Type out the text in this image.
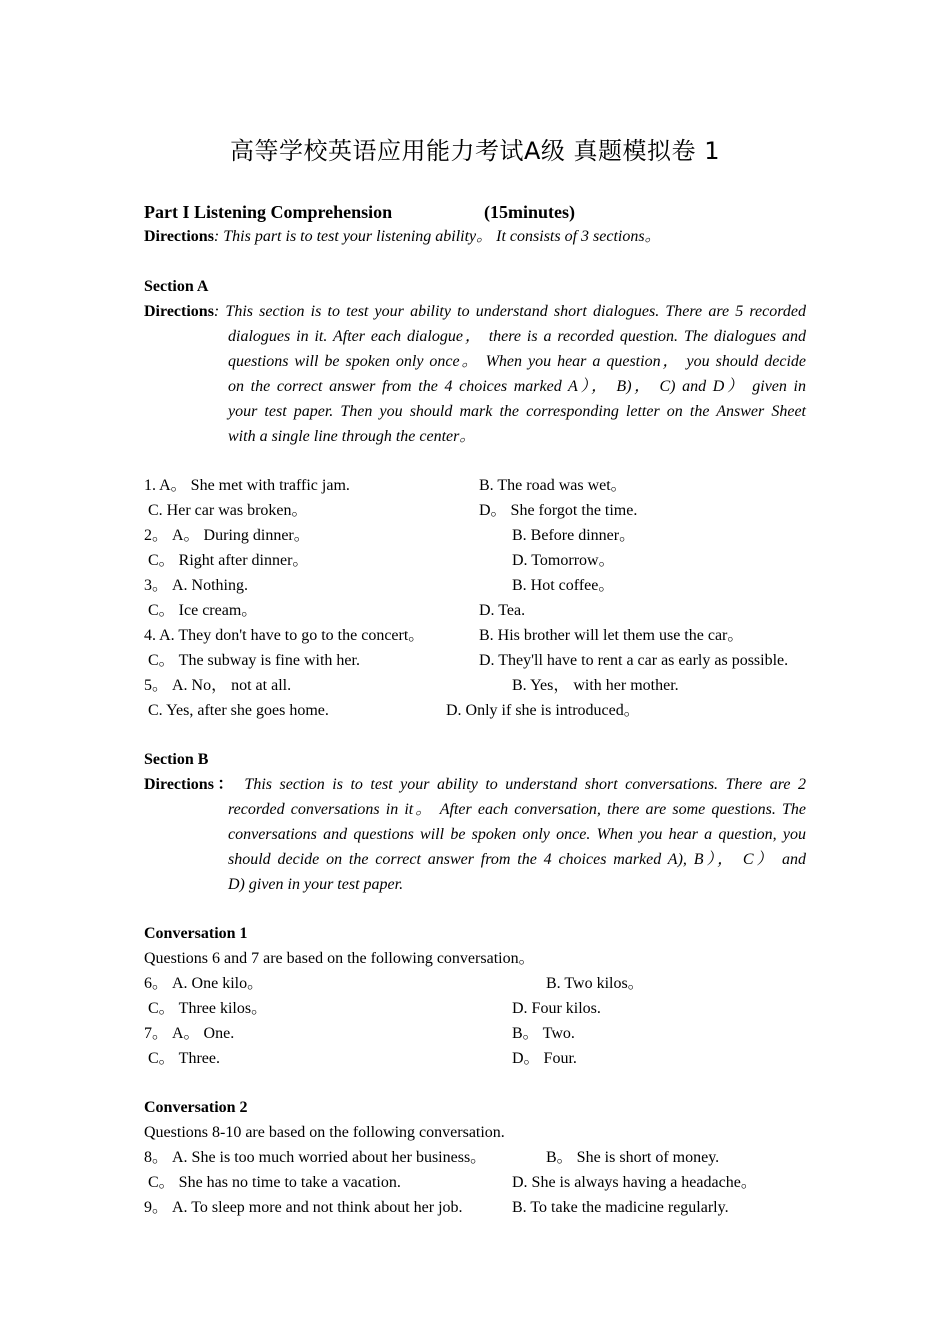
高等学校英语应用能力考试A级 真题模拟卷 1
Part I Listening Comprehension	(15minutes)
Directions: This part is to test your listening ability。 It consists of 3 sections。
Section A
Directions: This section is to test your ability to understand short dialogues. There are 5 recorded
dialogues in it. After each dialogue， there is a recorded question. The dialogues and
questions will be spoken only once。 When you hear a question， you should decide
on the correct answer from the 4 choices marked A）， B)， C) and D） given in
your test paper. Then you should mark the corresponding letter on the Answer Sheet
with a single line through the center。
1. A。 She met with traffic jam.	B. The road was wet。
C. Her car was broken。	D。 She forgot the time.
2。 A。 During dinner。	B. Before dinner。
C。 Right after dinner。	D. Tomorrow。
3。 A. Nothing.	B. Hot coffee。
C。 Ice cream。	D. Tea.
4. A. They don't have to go to the concert。	B. His brother will let them use the car。
C。 The subway is fine with her.	D. They'll have to rent a car as early as possible.
5。 A. No， not at all.	B. Yes， with her mother.
C. Yes, after she goes home.	D. Only if she is introduced。
Section B
Directions： This section is to test your ability to understand short conversations. There are 2
recorded conversations in it。 After each conversation, there are some questions. The
conversations and questions will be spoken only once. When you hear a question, you
should decide on the correct answer from the 4 choices marked A), B）， C） and
D) given in your test paper.
Conversation 1
Questions 6 and 7 are based on the following conversation。
6。 A. One kilo。	B. Two kilos。
C。 Three kilos。	D. Four kilos.
7。 A。 One.	B。 Two.
C。 Three.	D。 Four.
Conversation 2
Questions 8-10 are based on the following conversation.
8。 A. She is too much worried about her business。	B。 She is short of money.
C。 She has no time to take a vacation.	D. She is always having a headache。
9。 A. To sleep more and not think about her job.	B. To take the madicine regularly.
